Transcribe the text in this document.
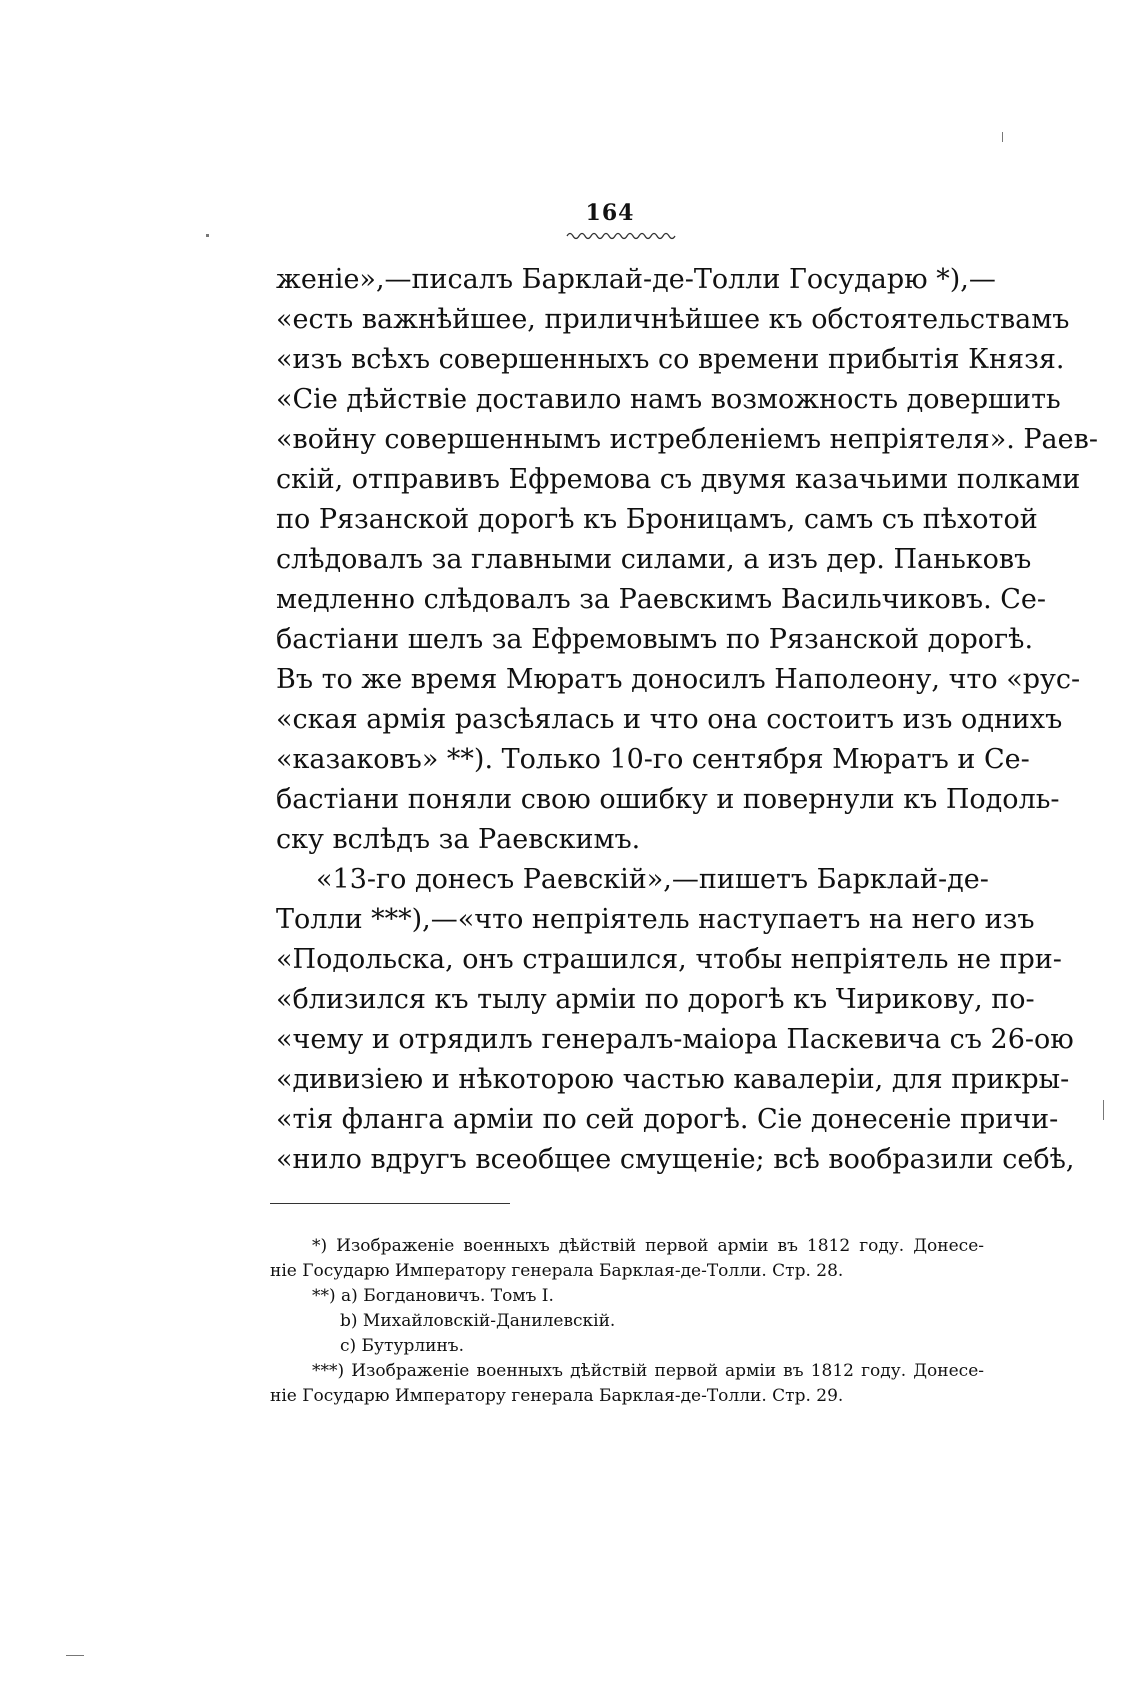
164
женіе»,—писалъ Барклай-де-Толли Государю *),—
«есть важнѣйшее, приличнѣйшее къ обстоятельствамъ
«изъ всѣхъ совершенныхъ со времени прибытія Князя.
«Сіе дѣйствіе доставило намъ возможность довершить
«войну совершеннымъ истребленіемъ непріятеля». Раев-
скій, отправивъ Ефремова съ двумя казачьими полками
по Рязанской дорогѣ къ Броницамъ, самъ съ пѣхотой
слѣдовалъ за главными силами, а изъ дер. Паньковъ
медленно слѣдовалъ за Раевскимъ Васильчиковъ. Се-
бастіани шелъ за Ефремовымъ по Рязанской дорогѣ.
Въ то же время Мюратъ доносилъ Наполеону, что «рус-
«ская армія разсѣялась и что она состоитъ изъ однихъ
«казаковъ» **). Только 10-го сентября Мюратъ и Се-
бастіани поняли свою ошибку и повернули къ Подоль-
ску вслѣдъ за Раевскимъ.
«13-го донесъ Раевскій»,—пишетъ Барклай-де-
Толли ***),—«что непріятель наступаетъ на него изъ
«Подольска, онъ страшился, чтобы непріятель не при-
«близился къ тылу арміи по дорогѣ къ Чирикову, по-
«чему и отрядилъ генералъ-маіора Паскевича съ 26-ою
«дивизіею и нѣкоторою частью кавалеріи, для прикры-
«тія фланга арміи по сей дорогѣ. Сіе донесеніе причи-
«нило вдругъ всеобщее смущеніе; всѣ вообразили себѣ,
*) Изображеніе военныхъ дѣйствій первой арміи въ 1812 году. Донесе-
ніе Государю Императору генерала Барклая-де-Толли. Стр. 28.
**) a) Богдановичъ. Томъ I.
b) Михайловскій-Данилевскій.
c) Бутурлинъ.
***) Изображеніе военныхъ дѣйствій первой арміи въ 1812 году. Донесе-
ніе Государю Императору генерала Барклая-де-Толли. Стр. 29.
